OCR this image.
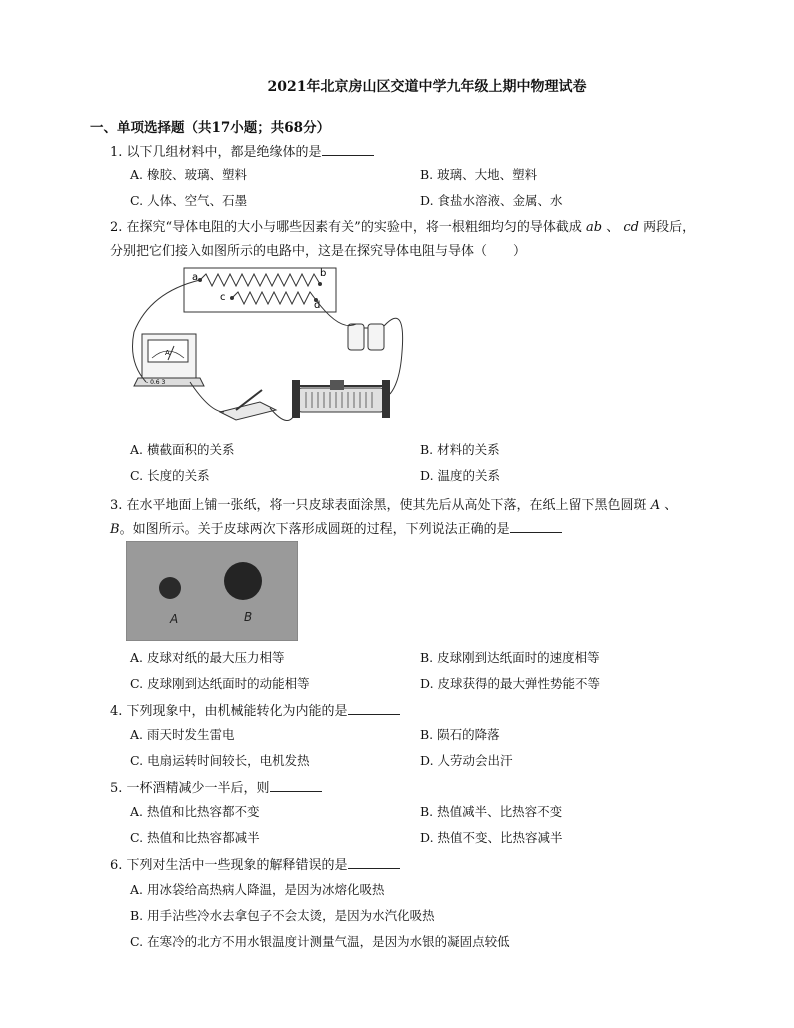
2021年北京房山区交道中学九年级上期中物理试卷
一、单项选择题（共17小题；共68分）
1. 以下几组材料中，都是绝缘体的是
A. 橡胶、玻璃、塑料	B. 玻璃、大地、塑料
C. 人体、空气、石墨	D. 食盐水溶液、金属、水
2. 在探究“导体电阻的大小与哪些因素有关”的实验中，将一根粗细均匀的导体截成 ab 、 cd 两段后，
分别把它们接入如图所示的电路中，这是在探究导体电阻与导体（　　）
a	b
c
d
A
- 0.6 3
A. 横截面积的关系	B. 材料的关系
C. 长度的关系	D. 温度的关系
3. 在水平地面上铺一张纸，将一只皮球表面涂黑，使其先后从高处下落，在纸上留下黑色圆斑 A 、
B。如图所示。关于皮球两次下落形成圆斑的过程，下列说法正确的是
A	B
A. 皮球对纸的最大压力相等	B. 皮球刚到达纸面时的速度相等
C. 皮球刚到达纸面时的动能相等	D. 皮球获得的最大弹性势能不等
4. 下列现象中，由机械能转化为内能的是
A. 雨天时发生雷电	B. 陨石的降落
C. 电扇运转时间较长，电机发热	D. 人劳动会出汗
5. 一杯酒精减少一半后，则
A. 热值和比热容都不变	B. 热值减半、比热容不变
C. 热值和比热容都减半	D. 热值不变、比热容减半
6. 下列对生活中一些现象的解释错误的是
A. 用冰袋给高热病人降温，是因为冰熔化吸热
B. 用手沾些冷水去拿包子不会太烫，是因为水汽化吸热
C. 在寒冷的北方不用水银温度计测量气温，是因为水银的凝固点较低
